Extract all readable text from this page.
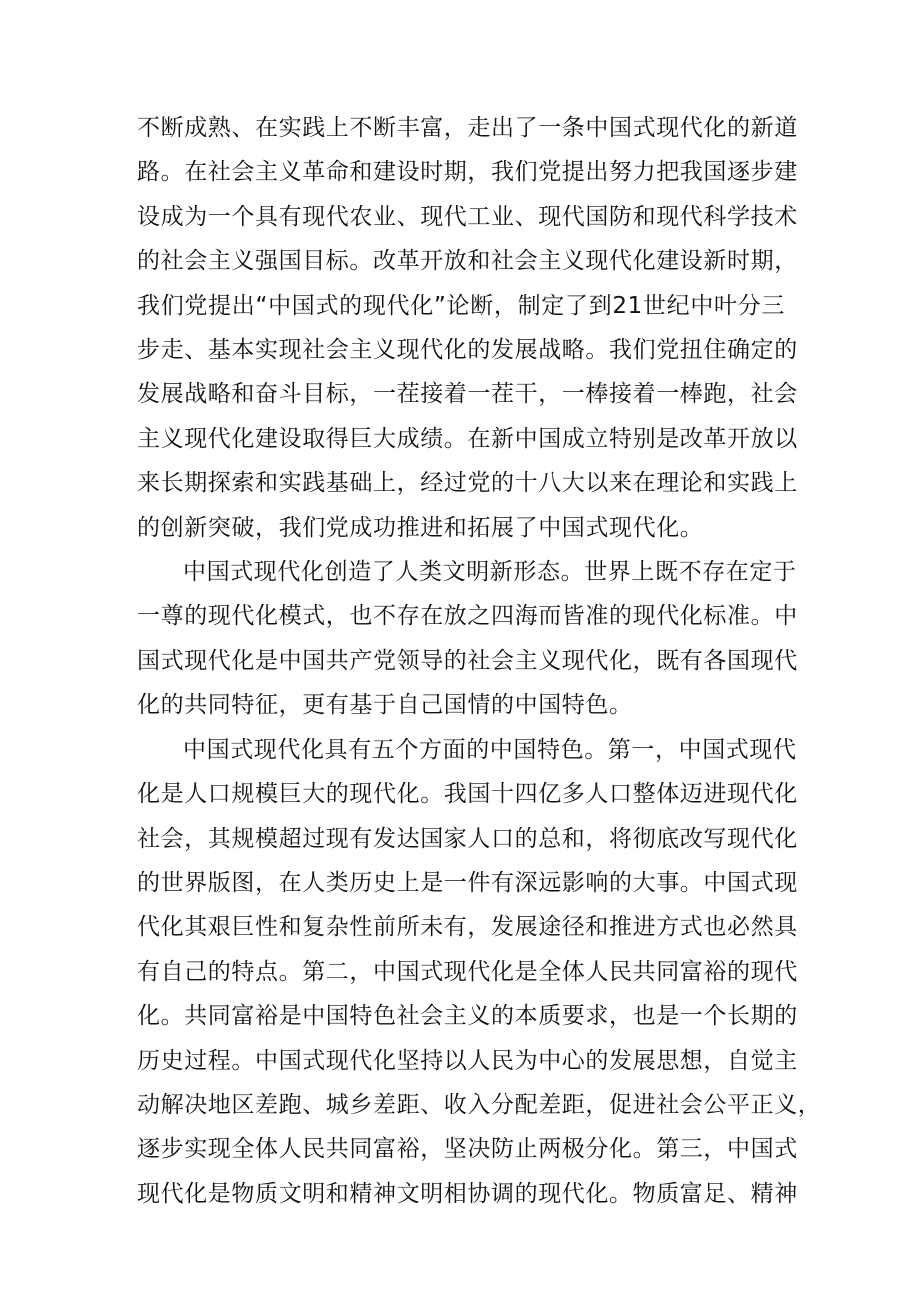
不断成熟、在实践上不断丰富，走出了一条中国式现代化的新道
路。在社会主义革命和建设时期，我们党提出努力把我国逐步建
设成为一个具有现代农业、现代工业、现代国防和现代科学技术
的社会主义强国目标。改革开放和社会主义现代化建设新时期，
我们党提出“中国式的现代化”论断，制定了到21世纪中叶分三
步走、基本实现社会主义现代化的发展战略。我们党扭住确定的
发展战略和奋斗目标，一茬接着一茬干，一棒接着一棒跑，社会
主义现代化建设取得巨大成绩。在新中国成立特别是改革开放以
来长期探索和实践基础上，经过党的十八大以来在理论和实践上
的创新突破，我们党成功推进和拓展了中国式现代化。
中国式现代化创造了人类文明新形态。世界上既不存在定于
一尊的现代化模式，也不存在放之四海而皆准的现代化标准。中
国式现代化是中国共产党领导的社会主义现代化，既有各国现代
化的共同特征，更有基于自己国情的中国特色。
中国式现代化具有五个方面的中国特色。第一，中国式现代
化是人口规模巨大的现代化。我国十四亿多人口整体迈进现代化
社会，其规模超过现有发达国家人口的总和，将彻底改写现代化
的世界版图，在人类历史上是一件有深远影响的大事。中国式现
代化其艰巨性和复杂性前所未有，发展途径和推进方式也必然具
有自己的特点。第二，中国式现代化是全体人民共同富裕的现代
化。共同富裕是中国特色社会主义的本质要求，也是一个长期的
历史过程。中国式现代化坚持以人民为中心的发展思想，自觉主
动解决地区差跑、城乡差距、收入分配差距，促进社会公平正义，
逐步实现全体人民共同富裕，坚决防止两极分化。第三，中国式
现代化是物质文明和精神文明相协调的现代化。物质富足、精神
